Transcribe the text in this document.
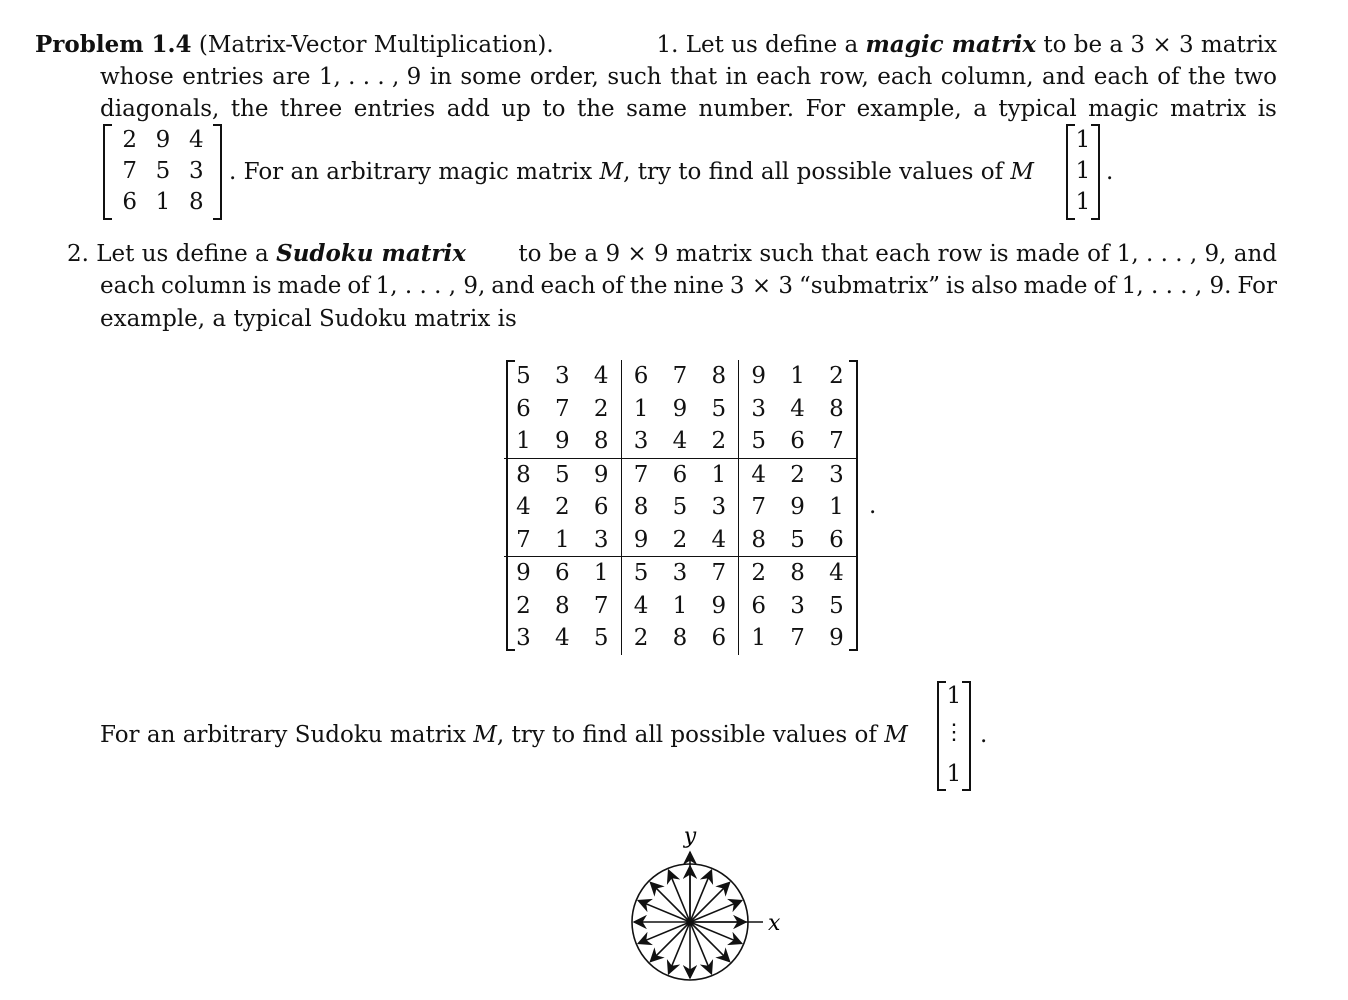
Problem 1.4 (Matrix-Vector Multiplication).	1. Let us define a magic matrix to be a 3 × 3 matrix
whose entries are 1, . . . , 9 in some order, such that in each row, each column, and each of the two
diagonals, the three entries add up to the same number. For example, a typical magic matrix is
2	9	4
7	5	3
6	1	8
. For an arbitrary magic matrix M, try to find all possible values of M
1
1
1
.
2. Let us define a Sudoku matrix to be a 9 × 9 matrix such that each row is made of 1, . . . , 9, and
each column is made of 1, . . . , 9, and each of the nine 3 × 3 “submatrix” is also made of 1, . . . , 9. For
example, a typical Sudoku matrix is
5	3	4	6	7	8	9	1	2
6	7	2	1	9	5	3	4	8
1	9	8	3	4	2	5	6	7
8	5	9	7	6	1	4	2	3
4	2	6	8	5	3	7	9	1
7	1	3	9	2	4	8	5	6
9	6	1	5	3	7	2	8	4
2	8	7	4	1	9	6	3	5
3	4	5	2	8	6	1	7	9
.
For an arbitrary Sudoku matrix M, try to find all possible values of M
1
⋮
1
.
y
x
